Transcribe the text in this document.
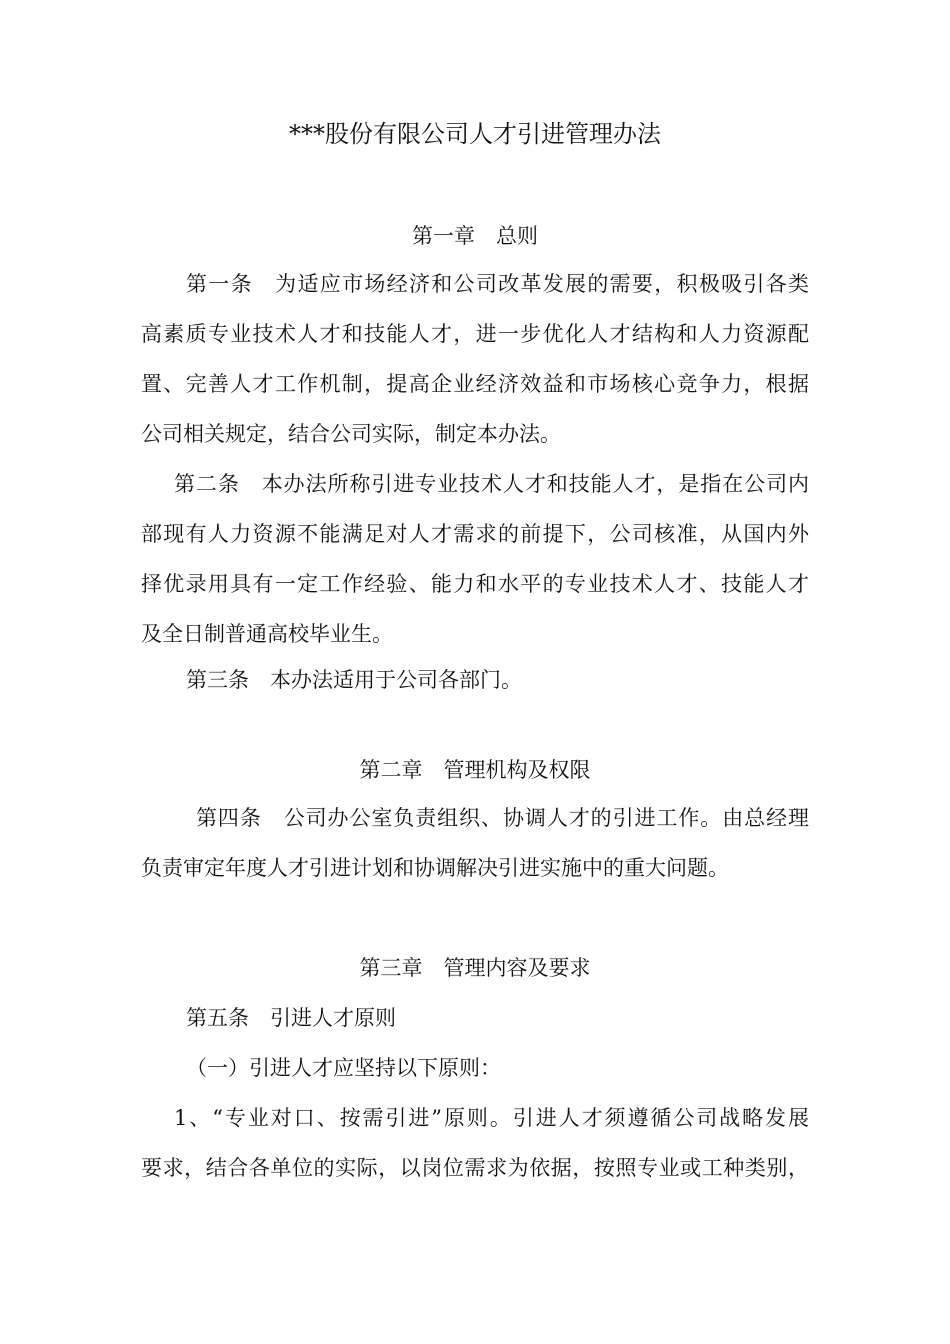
***股份有限公司人才引进管理办法
第一章　总则
第一条　为适应市场经济和公司改革发展的需要，积极吸引各类
高素质专业技术人才和技能人才，进一步优化人才结构和人力资源配
置、完善人才工作机制，提高企业经济效益和市场核心竞争力，根据
公司相关规定，结合公司实际，制定本办法。
第二条　本办法所称引进专业技术人才和技能人才，是指在公司内
部现有人力资源不能满足对人才需求的前提下，公司核准，从国内外
择优录用具有一定工作经验、能力和水平的专业技术人才、技能人才
及全日制普通高校毕业生。
第三条　本办法适用于公司各部门。
第二章　管理机构及权限
第四条　公司办公室负责组织、协调人才的引进工作。由总经理
负责审定年度人才引进计划和协调解决引进实施中的重大问题。
第三章　管理内容及要求
第五条　引进人才原则
（一）引进人才应坚持以下原则：
1、“专业对口、按需引进”原则。引进人才须遵循公司战略发展
要求，结合各单位的实际，以岗位需求为依据，按照专业或工种类别，
